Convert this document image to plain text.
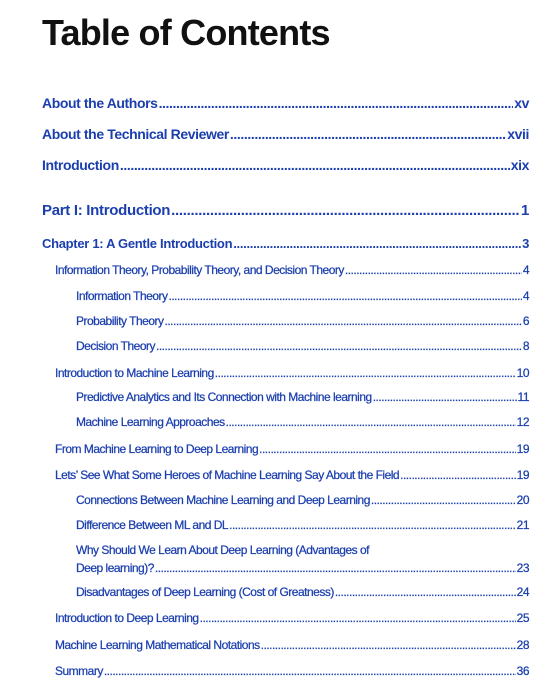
Table of Contents
About the Authors .....	xv
About the Technical Reviewer .....	xvii
Introduction .....	xix
Part I: Introduction .....	1
Chapter 1: A Gentle Introduction .....	3
Information Theory, Probability Theory, and Decision Theory .....	4
Information Theory .....	4
Probability Theory .....	6
Decision Theory .....	8
Introduction to Machine Learning .....	10
Predictive Analytics and Its Connection with Machine learning .....	11
Machine Learning Approaches .....	12
From Machine Learning to Deep Learning .....	19
Lets’ See What Some Heroes of Machine Learning Say About the Field .....	19
Connections Between Machine Learning and Deep Learning .....	20
Difference Between ML and DL .....	21
Why Should We Learn About Deep Learning (Advantages of
Deep learning)? .....	23
Disadvantages of Deep Learning (Cost of Greatness) .....	24
Introduction to Deep Learning .....	25
Machine Learning Mathematical Notations .....	28
Summary .....	36
